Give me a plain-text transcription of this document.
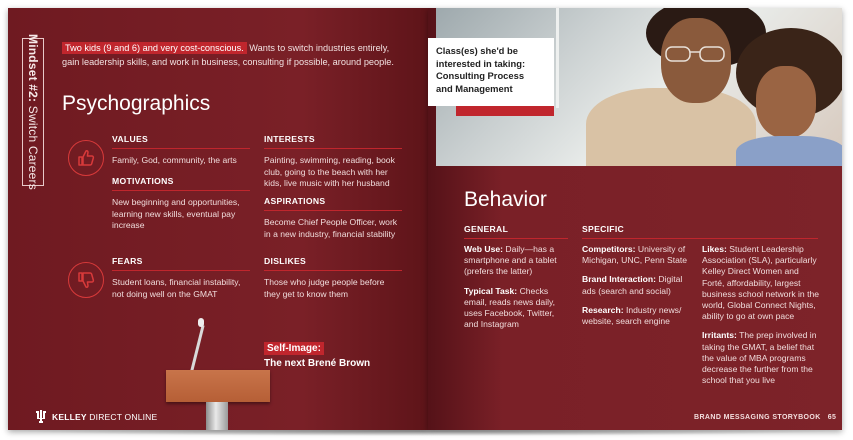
Mindset #2: Switch Careers
Two kids (9 and 6) and very cost-conscious. Wants to switch industries entirely, gain leadership skills, and work in business, consulting if possible, around people.
Psychographics
VALUES
Family, God, community, the arts
MOTIVATIONS
New beginning and opportunities, learning new skills, eventual pay increase
INTERESTS
Painting, swimming, reading, book club, going to the beach with her kids, live music with her husband
ASPIRATIONS
Become Chief People Officer, work in a new industry, financial stability
FEARS
Student loans, financial instability, not doing well on the GMAT
DISLIKES
Those who judge people before they get to know them
Self-Image:
The next Brené Brown
KELLEY DIRECT ONLINE
Class(es) she'd be
interested in taking:
Consulting Process
and Management
Behavior
GENERAL	SPECIFIC

Web Use: Daily—has a smartphone and a tablet (prefers the latter)

Typical Task: Checks email, reads news daily, uses Facebook, Twitter, and Instagram

Competitors: University of Michigan, UNC, Penn State

Brand Interaction: Digital ads (search and social)

Research: Industry news/ website, search engine

Likes: Student Leadership Association (SLA), particularly Kelley Direct Women and Forté, affordability, largest business school network in the world, Global Connect Nights, ability to go at own pace

Irritants: The prep involved in taking the GMAT, a belief that the value of MBA programs decrease the further from the school that you live

BRAND MESSAGING STORYBOOK 65
